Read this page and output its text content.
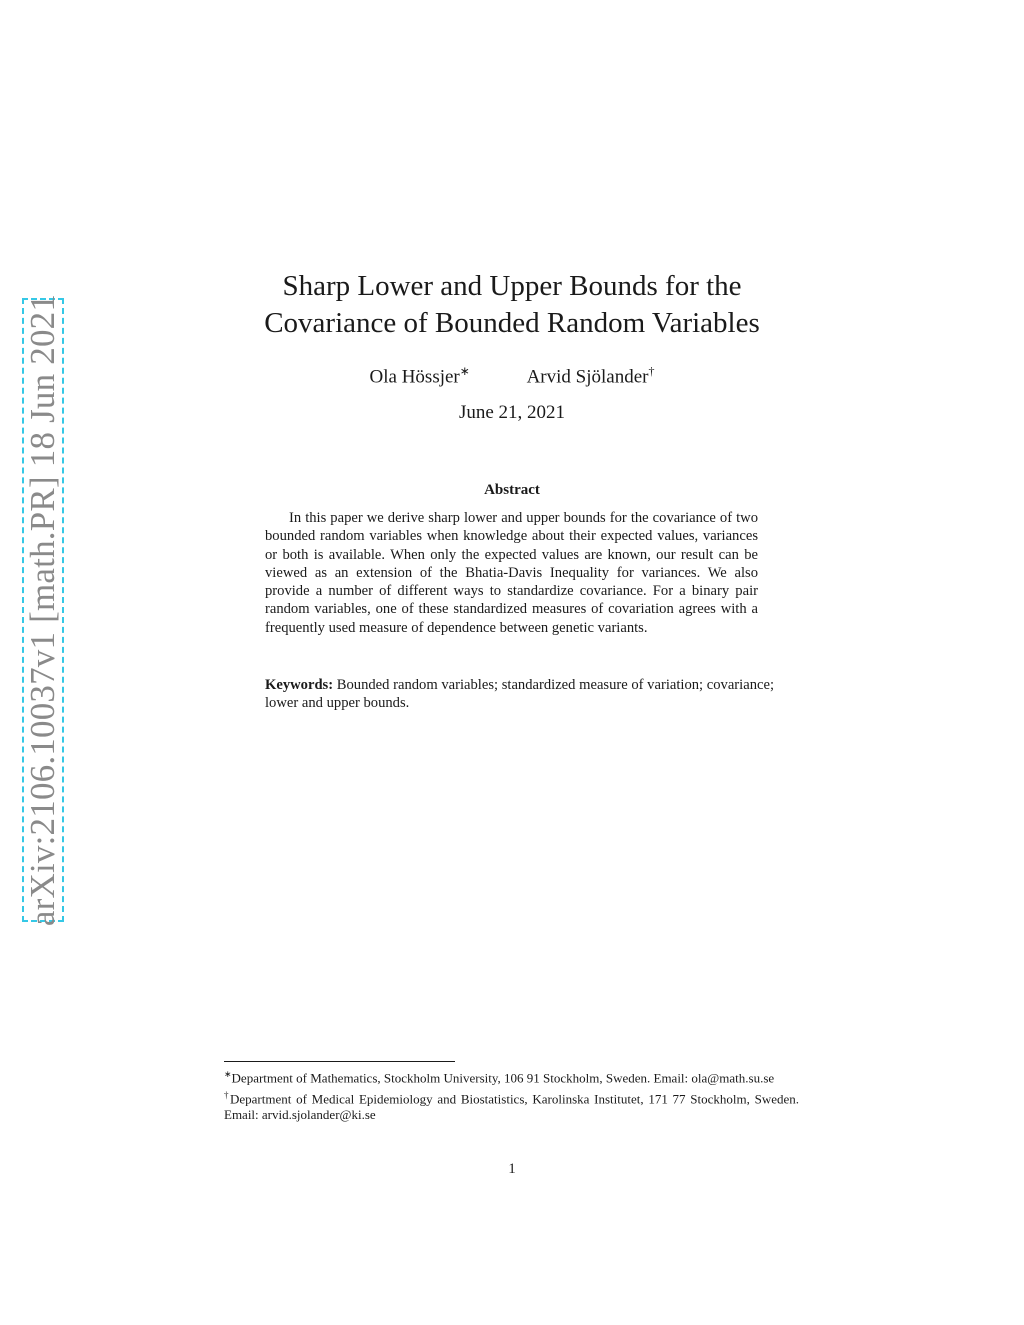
arXiv:2106.10037v1 [math.PR] 18 Jun 2021
Sharp Lower and Upper Bounds for the
Covariance of Bounded Random Variables
Ola Hössjer∗	Arvid Sjölander†
June 21, 2021
Abstract

In this paper we derive sharp lower and upper bounds for the covariance of two bounded random variables when knowledge about their expected values, variances or both is available. When only the expected values are known, our result can be viewed as an extension of the Bhatia-Davis Inequality for variances. We also provide a number of different ways to standardize covariance. For a binary pair random variables, one of these standardized measures of covariation agrees with a frequently used measure of dependence between genetic variants.

Keywords: Bounded random variables; standardized measure of variation; covariance; lower and upper bounds.

∗Department of Mathematics, Stockholm University, 106 91 Stockholm, Sweden. Email: ola@math.su.se

†Department of Medical Epidemiology and Biostatistics, Karolinska Institutet, 171 77 Stockholm, Sweden. Email: arvid.sjolander@ki.se

1
